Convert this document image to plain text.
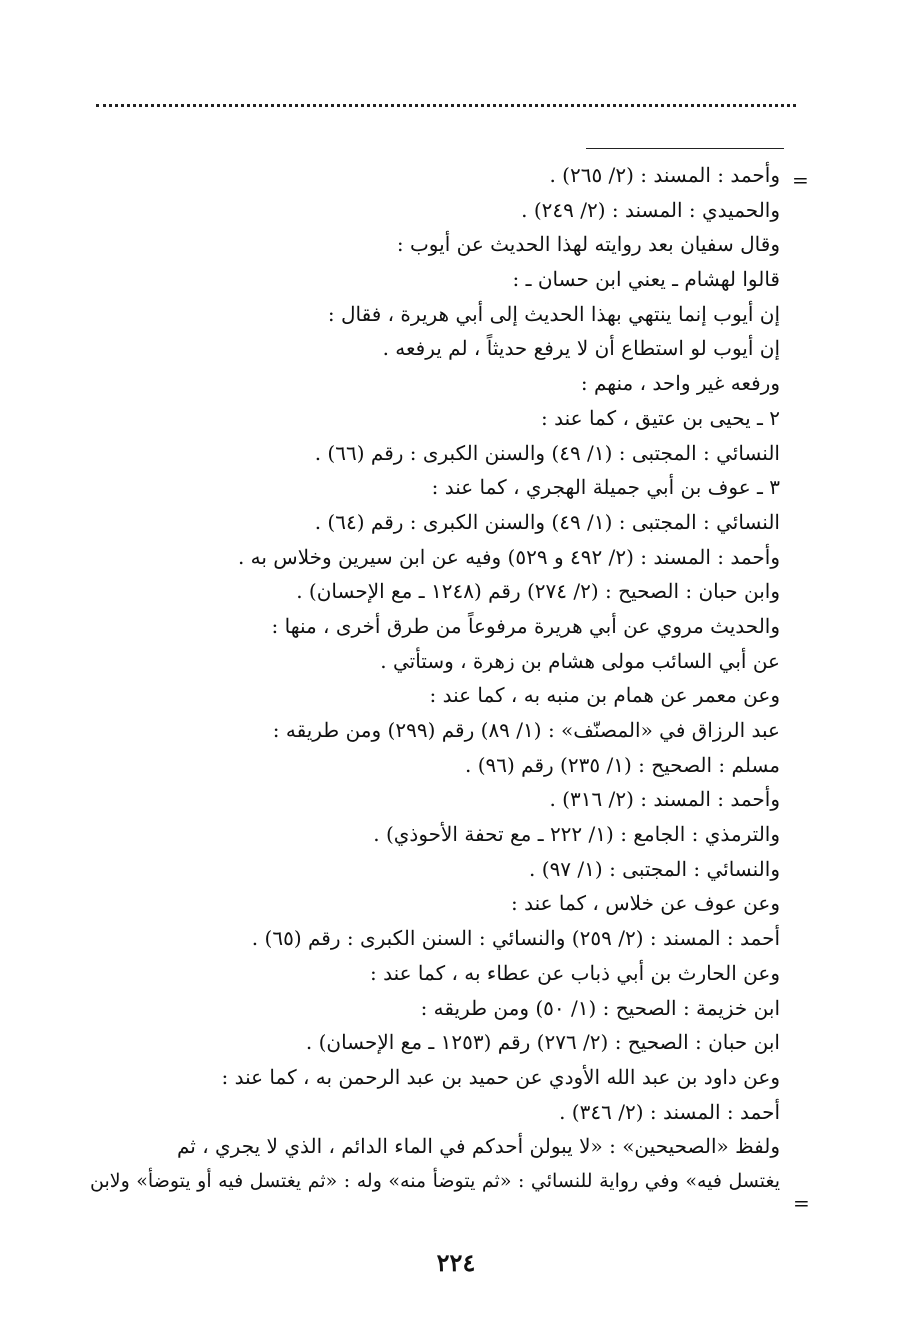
=
وأحمد : المسند : (٢/ ٢٦٥) .
والحميدي : المسند : (٢/ ٢٤٩) .
وقال سفيان بعد روايته لهذا الحديث عن أيوب :
قالوا لهشام ـ يعني ابن حسان ـ :
إن أيوب إنما ينتهي بهذا الحديث إلى أبي هريرة ، فقال :
إن أيوب لو استطاع أن لا يرفع حديثاً ، لم يرفعه .
ورفعه غير واحد ، منهم :
٢ ـ يحيى بن عتيق ، كما عند :
النسائي : المجتبى : (١/ ٤٩) والسنن الكبرى : رقم (٦٦) .
٣ ـ عوف بن أبي جميلة الهجري ، كما عند :
النسائي : المجتبى : (١/ ٤٩) والسنن الكبرى : رقم (٦٤) .
وأحمد : المسند : (٢/ ٤٩٢ و ٥٢٩) وفيه عن ابن سيرين وخلاس به .
وابن حبان : الصحيح : (٢/ ٢٧٤) رقم (١٢٤٨ ـ مع الإحسان) .
والحديث مروي عن أبي هريرة مرفوعاً من طرق أخرى ، منها :
عن أبي السائب مولى هشام بن زهرة ، وستأتي .
وعن معمر عن همام بن منبه به ، كما عند :
عبد الرزاق في «المصنّف» : (١/ ٨٩) رقم (٢٩٩) ومن طريقه :
مسلم : الصحيح : (١/ ٢٣٥) رقم (٩٦) .
وأحمد : المسند : (٢/ ٣١٦) .
والترمذي : الجامع : (١/ ٢٢٢ ـ مع تحفة الأحوذي) .
والنسائي : المجتبى : (١/ ٩٧) .
وعن عوف عن خلاس ، كما عند :
أحمد : المسند : (٢/ ٢٥٩) والنسائي : السنن الكبرى : رقم (٦٥) .
وعن الحارث بن أبي ذباب عن عطاء به ، كما عند :
ابن خزيمة : الصحيح : (١/ ٥٠) ومن طريقه :
ابن حبان : الصحيح : (٢/ ٢٧٦) رقم (١٢٥٣ ـ مع الإحسان) .
وعن داود بن عبد الله الأودي عن حميد بن عبد الرحمن به ، كما عند :
أحمد : المسند : (٢/ ٣٤٦) .
ولفظ «الصحيحين» : «لا يبولن أحدكم في الماء الدائم ، الذي لا يجري ، ثم
يغتسل فيه» وفي رواية للنسائي : «ثم يتوضأ منه» وله : «ثم يغتسل فيه أو يتوضأ» ولابن
=
٢٢٤
